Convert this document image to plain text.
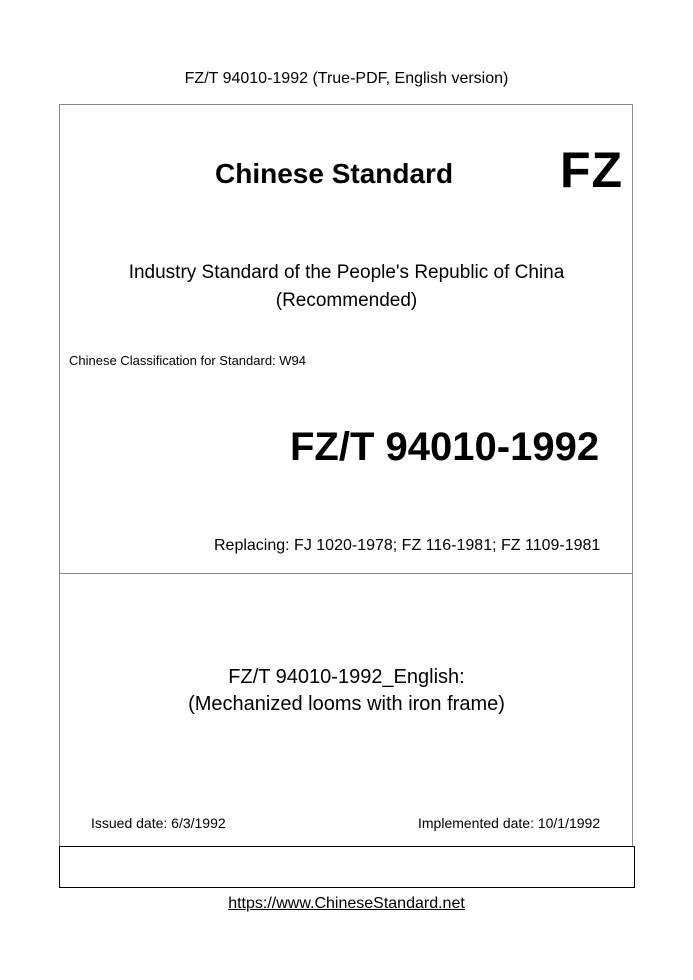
FZ/T 94010-1992 (True-PDF, English version)
Chinese Standard FZ
Industry Standard of the People's Republic of China
(Recommended)
Chinese Classification for Standard: W94
FZ/T 94010-1992
Replacing: FJ 1020-1978; FZ 116-1981; FZ 1109-1981
FZ/T 94010-1992_English:
(Mechanized looms with iron frame)
Issued date: 6/3/1992	Implemented date: 10/1/1992
https://www.ChineseStandard.net
